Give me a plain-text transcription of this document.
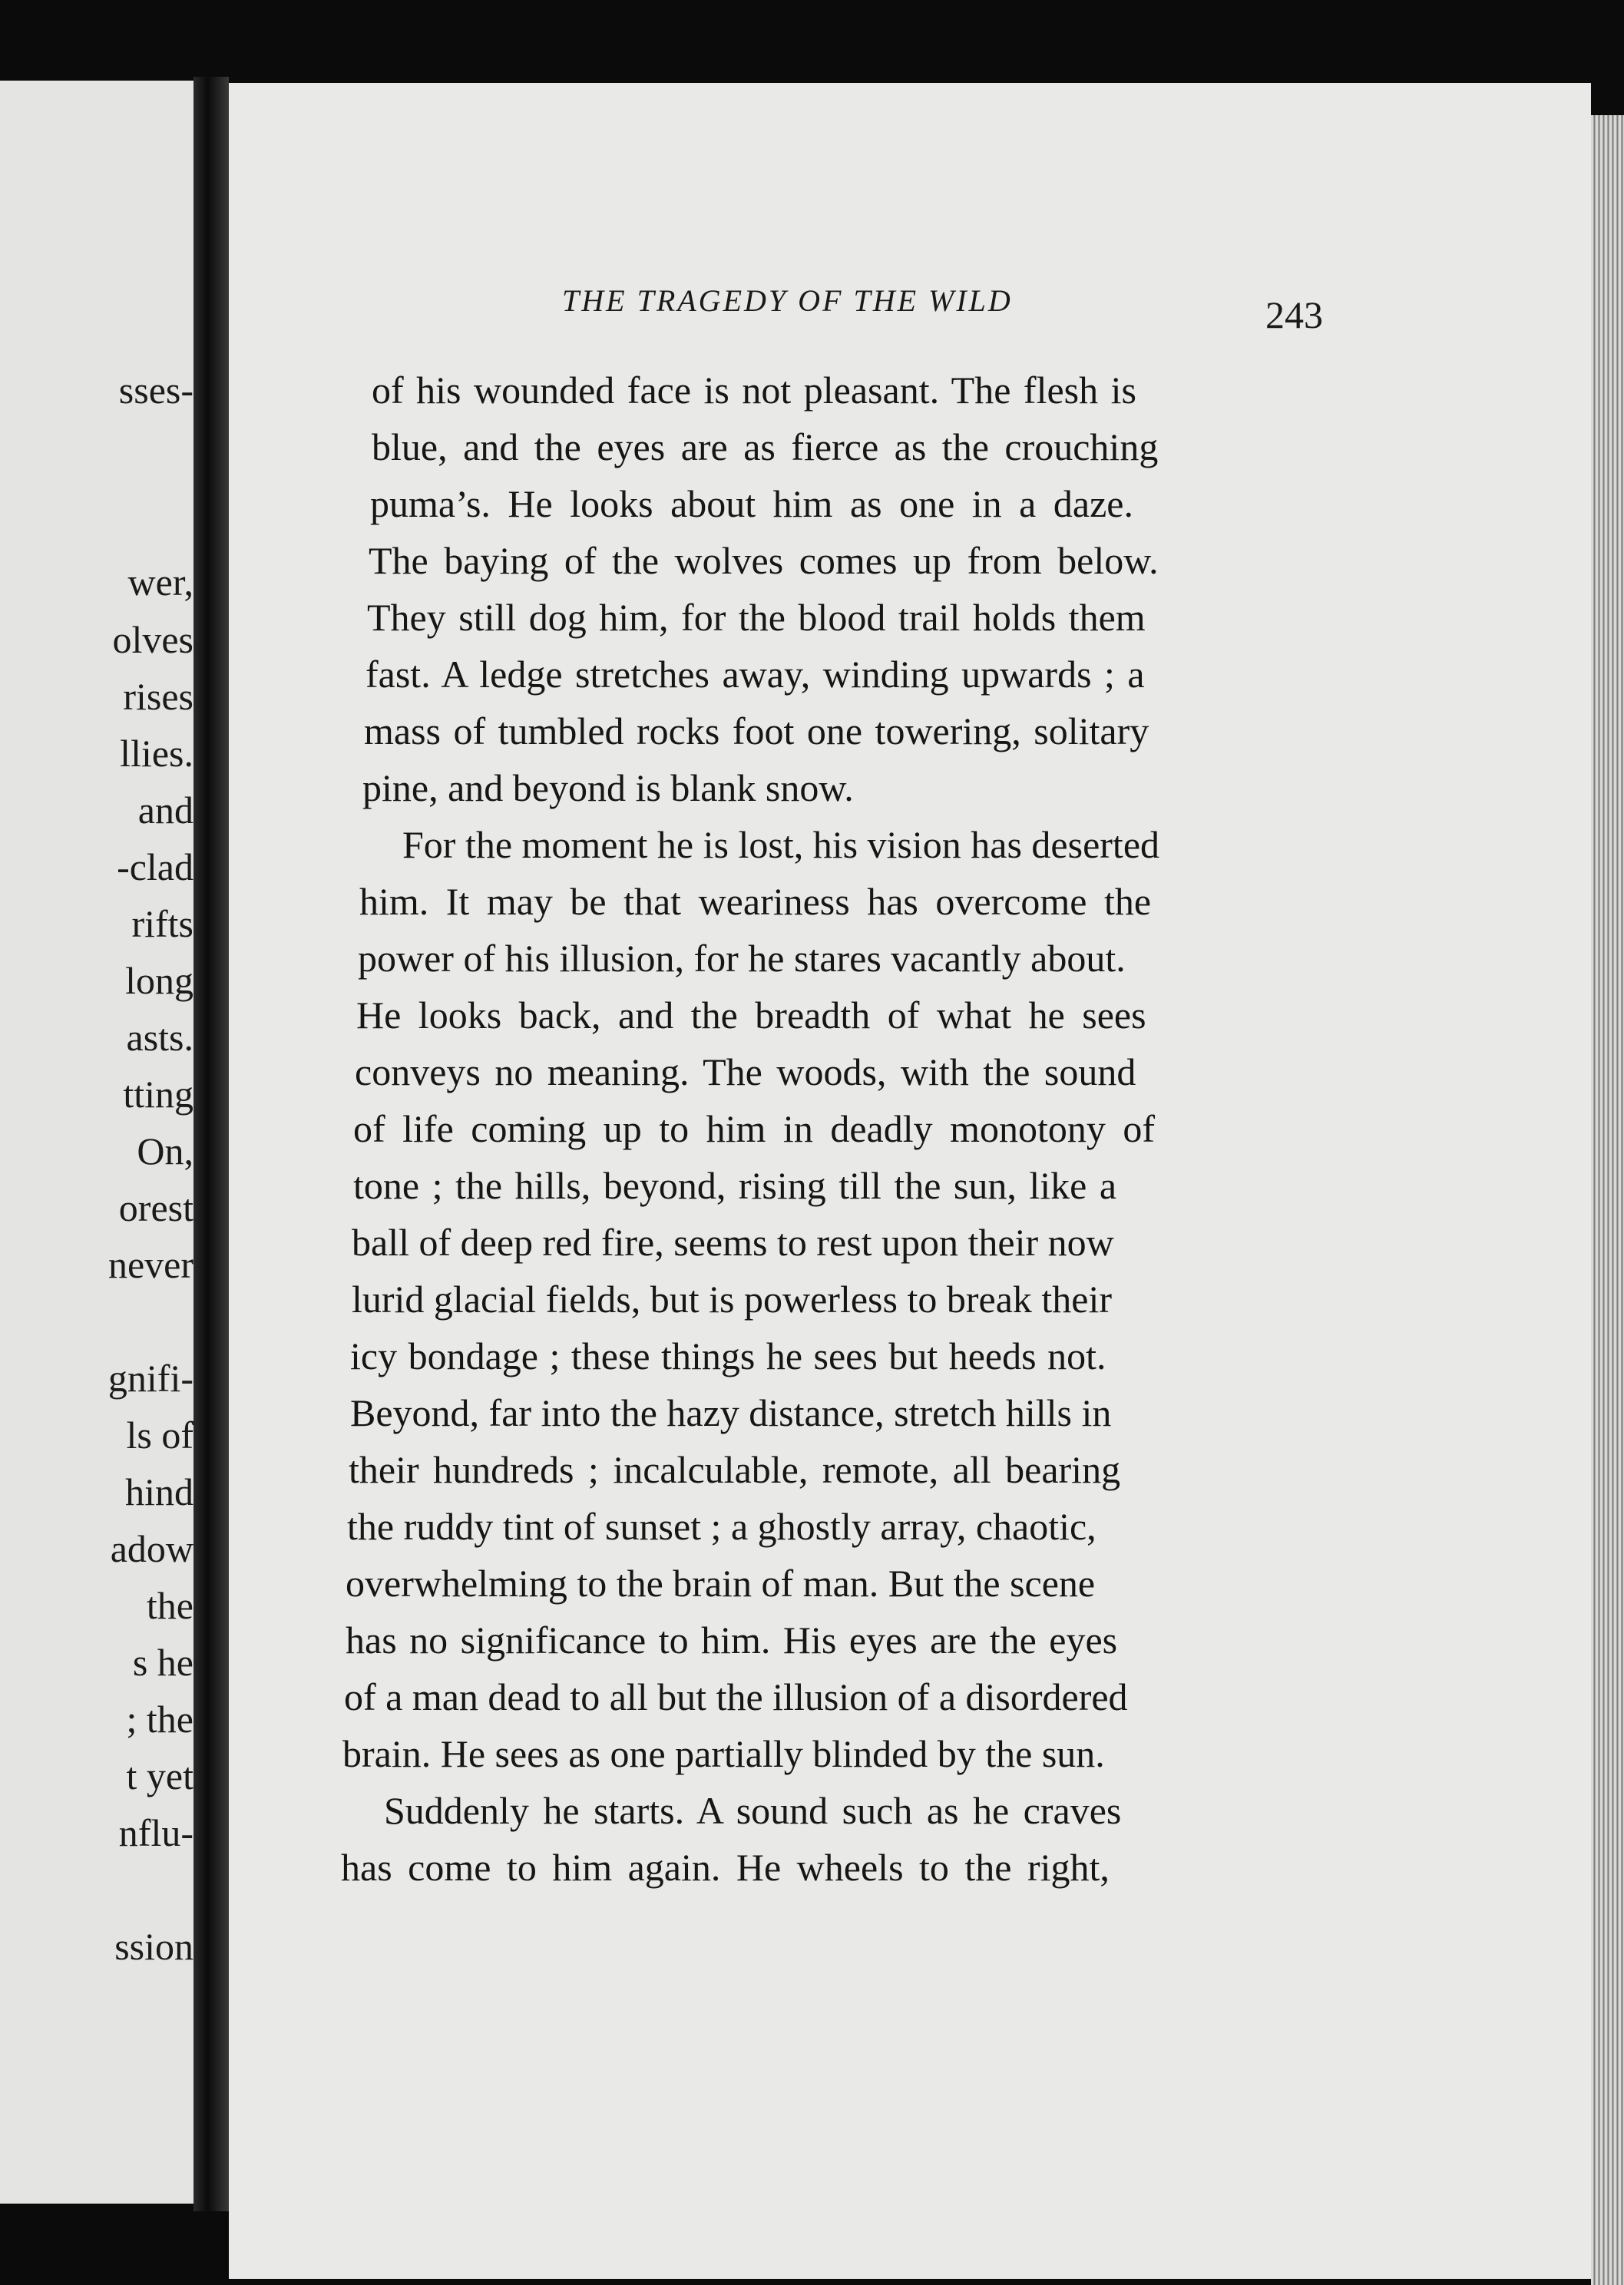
sses-
wer,
olves
rises
llies.
and
-clad
rifts
long
asts.
tting
On,
orest
never
gnifi-
ls of
hind
adow
the
s he
; the
t yet
nflu-
ssion
THE TRAGEDY OF THE WILD	243
of his wounded face is not pleasant. The flesh is
blue, and the eyes are as fierce as the crouching
puma’s. He looks about him as one in a daze.
The baying of the wolves comes up from below.
They still dog him, for the blood trail holds them
fast. A ledge stretches away, winding upwards ; a
mass of tumbled rocks foot one towering, solitary
pine, and beyond is blank snow.
For the moment he is lost, his vision has deserted
him. It may be that weariness has overcome the
power of his illusion, for he stares vacantly about.
He looks back, and the breadth of what he sees
conveys no meaning. The woods, with the sound
of life coming up to him in deadly monotony of
tone ; the hills, beyond, rising till the sun, like a
ball of deep red fire, seems to rest upon their now
lurid glacial fields, but is powerless to break their
icy bondage ; these things he sees but heeds not.
Beyond, far into the hazy distance, stretch hills in
their hundreds ; incalculable, remote, all bearing
the ruddy tint of sunset ; a ghostly array, chaotic,
overwhelming to the brain of man. But the scene
has no significance to him. His eyes are the eyes
of a man dead to all but the illusion of a disordered
brain. He sees as one partially blinded by the sun.
Suddenly he starts. A sound such as he craves
has come to him again. He wheels to the right,
